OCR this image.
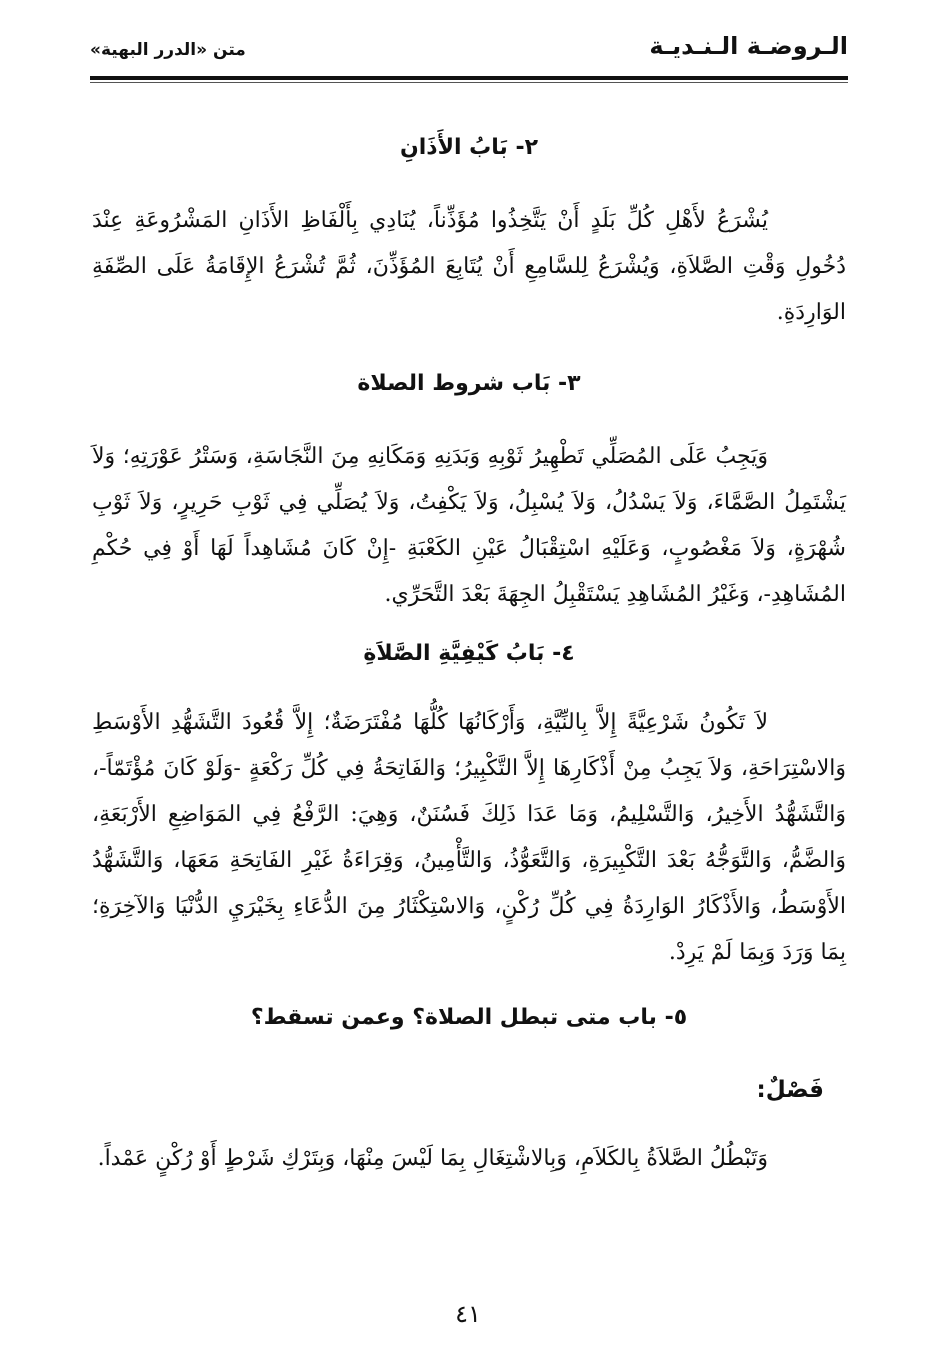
الـروضـة الـنـديـة
متن «الدرر البهية»
٢- بَابُ الأَذَانِ

يُشْرَعُ لأَهْلِ كُلِّ بَلَدٍ أَنْ يَتَّخِذُوا مُؤَذِّناً، يُنَادِي بِأَلْفَاظِ الأَذَانِ المَشْرُوعَةِ عِنْدَ دُخُولِ وَقْتِ الصَّلاَةِ، وَيُشْرَعُ لِلسَّامِعِ أَنْ يُتَابِعَ المُؤَذِّنَ، ثُمَّ تُشْرَعُ الإِقَامَةُ عَلَى الصِّفَةِ الوَارِدَةِ.

٣- بَاب شروط الصلاة

وَيَجِبُ عَلَى المُصَلِّي تَطْهِيرُ ثَوْبِهِ وَبَدَنِهِ وَمَكَانِهِ مِنَ النَّجَاسَةِ، وَسَتْرُ عَوْرَتِهِ؛ وَلاَ يَشْتَمِلُ الصَّمَّاءَ، وَلاَ يَسْدُلُ، وَلاَ يُسْبِلُ، وَلاَ يَكْفِتُ، وَلاَ يُصَلِّي فِي ثَوْبِ حَرِيرٍ، وَلاَ ثَوْبِ شُهْرَةٍ، وَلاَ مَغْصُوبٍ، وَعَلَيْهِ اسْتِقْبَالُ عَيْنِ الكَعْبَةِ -إِنْ كَانَ مُشَاهِداً لَهَا أَوْ فِي حُكْمِ المُشَاهِدِ-، وَغَيْرُ المُشَاهِدِ يَسْتَقْبِلُ الجِهَةَ بَعْدَ التَّحَرِّي.

٤- بَابُ كَيْفِيَّةِ الصَّلاَةِ

لاَ تَكُونُ شَرْعِيَّةً إِلاَّ بِالنِّيَّةِ، وَأَرْكَانُهَا كُلُّهَا مُفْتَرَضَةٌ؛ إِلاَّ قُعُودَ التَّشَهُّدِ الأَوْسَطِ وَالاسْتِرَاحَةِ، وَلاَ يَجِبُ مِنْ أَذْكَارِهَا إِلاَّ التَّكْبِيرُ؛ وَالفَاتِحَةُ فِي كُلِّ رَكْعَةٍ -وَلَوْ كَانَ مُؤْتَمّاً-، وَالتَّشَهُّدُ الأَخِيرُ، وَالتَّسْلِيمُ، وَمَا عَدَا ذَلِكَ فَسُنَنٌ، وَهِيَ: الرَّفْعُ فِي المَوَاضِعِ الأَرْبَعَةِ، وَالضَّمُّ، وَالتَّوَجُّهُ بَعْدَ التَّكْبِيرَةِ، وَالتَّعَوُّذُ، وَالتَّأْمِينُ، وَقِرَاءَةُ غَيْرِ الفَاتِحَةِ مَعَهَا، وَالتَّشَهُّدُ الأَوْسَطُ، وَالأَذْكَارُ الوَارِدَةُ فِي كُلِّ رُكْنٍ، وَالاسْتِكْثَارُ مِنَ الدُّعَاءِ بِخَيْرَيِ الدُّنْيَا وَالآخِرَةِ؛ بِمَا وَرَدَ وَبِمَا لَمْ يَرِدْ.

٥- باب متى تبطل الصلاة؟ وعمن تسقط؟
فَصْلٌ:

وَتَبْطُلُ الصَّلاَةُ بِالكَلاَمِ، وَبِالاشْتِغَالِ بِمَا لَيْسَ مِنْهَا، وَبِتَرْكِ شَرْطٍ أَوْ رُكْنٍ عَمْداً.

٤١
